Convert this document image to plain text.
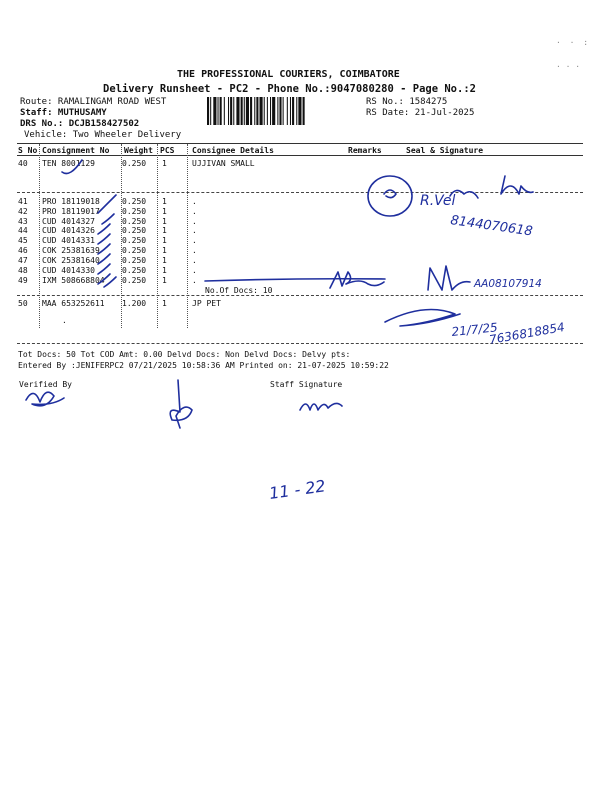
· · :
· · ·
THE PROFESSIONAL COURIERS, COIMBATORE
Delivery Runsheet - PC2 - Phone No.:9047080280 - Page No.:2
Route: RAMALINGAM ROAD WEST
Staff: MUTHUSAMY
DRS No.: DCJB158427502
Vehicle: Two Wheeler Delivery
RS No.: 1584275
RS Date: 21-Jul-2025
S No Consignment No Weight PCS Consignee Details	Remarks	Seal & Signature
40 TEN 8001129	0.250 1	UJJIVAN SMALL
41 PRO 18119018	0.250 1	.
42 PRO 18119017	0.250 1	.
43 CUD 4014327	0.250 1	.
44 CUD 4014326	0.250 1	.
45 CUD 4014331	0.250 1	.
46 COK 25381639	0.250 1	.
47 COK 25381640	0.250 1	.
48 CUD 4014330	0.250 1	.
49 IXM 508668804 0.250 1	.
No.Of Docs: 10
50 MAA 653252611 1.200 1	JP PET
.
Tot Docs: 50 Tot COD Amt: 0.00 Delvd Docs: Non Delvd Docs: Delvy pts:
Entered By :JENIFERPC2 07/21/2025 10:58:36 AM Printed on: 21-07-2025 10:59:22
Verified By	Staff Signature
R.Vel
8144070618
AA08107914
21/7/25
7636818854
11 - 22
